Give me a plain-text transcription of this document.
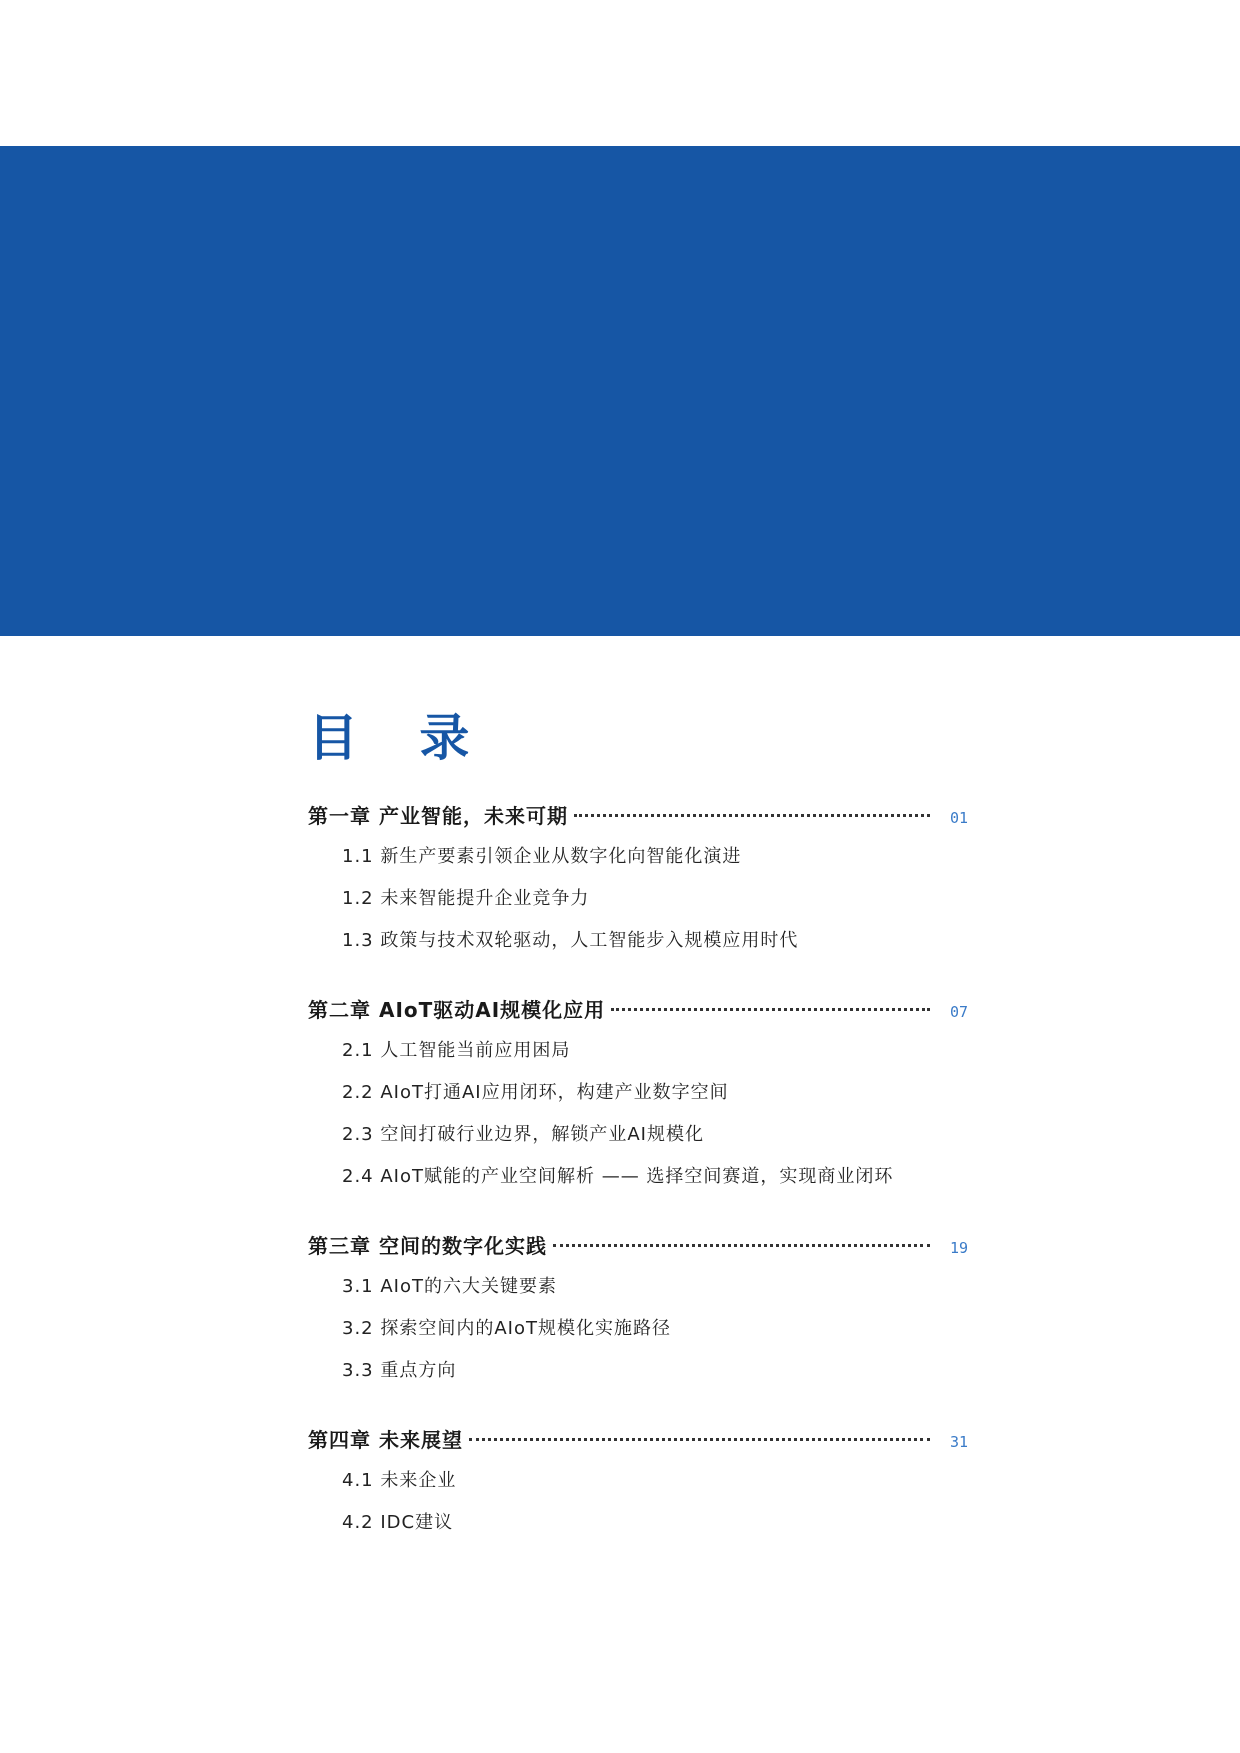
目 录
第一章 产业智能，未来可期	01
1.1 新生产要素引领企业从数字化向智能化演进
1.2 未来智能提升企业竞争力
1.3 政策与技术双轮驱动，人工智能步入规模应用时代
第二章 AIoT驱动AI规模化应用	07
2.1 人工智能当前应用困局
2.2 AIoT打通AI应用闭环，构建产业数字空间
2.3 空间打破行业边界，解锁产业AI规模化
2.4 AIoT赋能的产业空间解析 —— 选择空间赛道，实现商业闭环
第三章 空间的数字化实践	19
3.1 AIoT的六大关键要素
3.2 探索空间内的AIoT规模化实施路径
3.3 重点方向
第四章 未来展望	31
4.1 未来企业
4.2 IDC建议
